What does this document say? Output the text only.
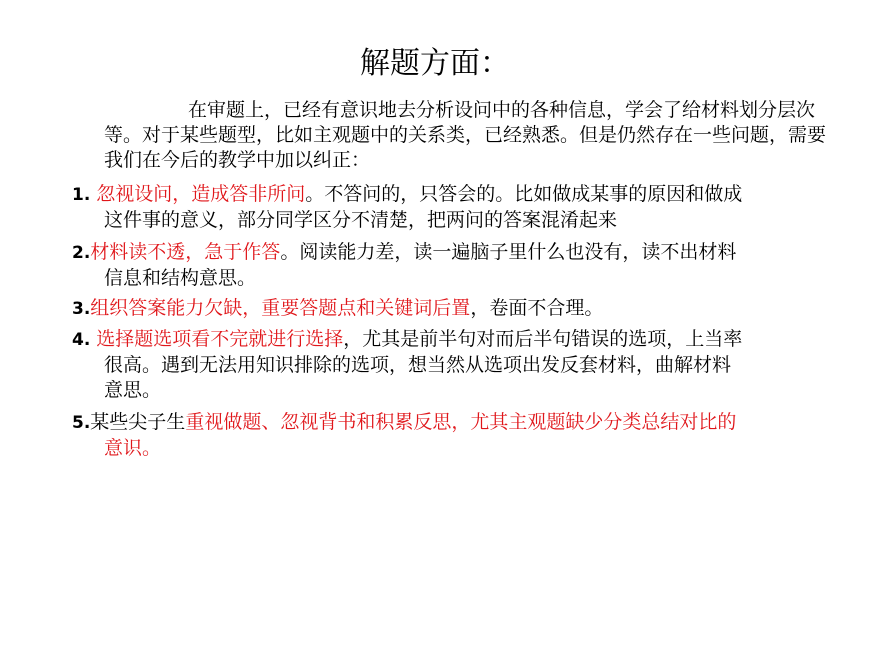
解题方面：
在审题上，已经有意识地去分析设问中的各种信息，学会了给材料划分层次等。对于某些题型，比如主观题中的关系类，已经熟悉。但是仍然存在一些问题，需要我们在今后的教学中加以纠正：
1. 忽视设问，造成答非所问。不答问的，只答会的。比如做成某事的原因和做成
这件事的意义，部分同学区分不清楚，把两问的答案混淆起来
2.材料读不透，急于作答。阅读能力差，读一遍脑子里什么也没有，读不出材料
信息和结构意思。
3.组织答案能力欠缺，重要答题点和关键词后置，卷面不合理。
4. 选择题选项看不完就进行选择，尤其是前半句对而后半句错误的选项，上当率
很高。遇到无法用知识排除的选项，想当然从选项出发反套材料，曲解材料
意思。
5.某些尖子生重视做题、忽视背书和积累反思，尤其主观题缺少分类总结对比的
意识。
